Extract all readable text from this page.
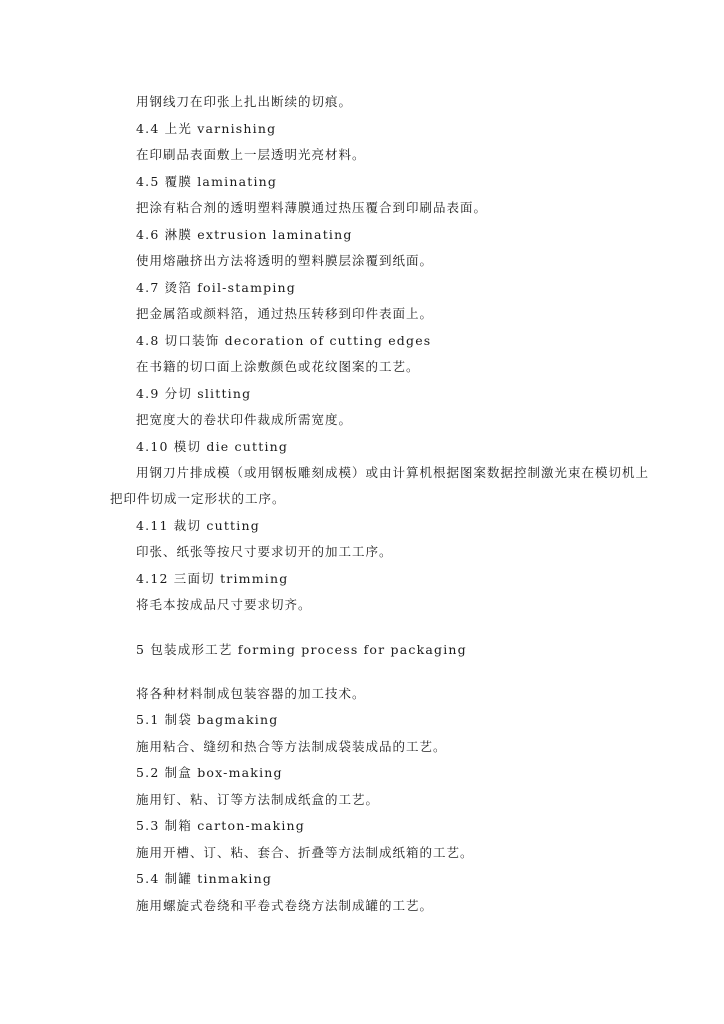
用钢线刀在印张上扎出断续的切痕。
4.4 上光 varnishing
在印刷品表面敷上一层透明光亮材料。
4.5 覆膜 laminating
把涂有粘合剂的透明塑料薄膜通过热压覆合到印刷品表面。
4.6 淋膜 extrusion laminating
使用熔融挤出方法将透明的塑料膜层涂覆到纸面。
4.7 烫箔 foil-stamping
把金属箔或颜料箔，通过热压转移到印件表面上。
4.8 切口装饰 decoration of cutting edges
在书籍的切口面上涂敷颜色或花纹图案的工艺。
4.9 分切 slitting
把宽度大的卷状印件裁成所需宽度。
4.10 模切 die cutting
用钢刀片排成模（或用钢板雕刻成模）或由计算机根据图案数据控制激光束在模切机上
把印件切成一定形状的工序。
4.11 裁切 cutting
印张、纸张等按尺寸要求切开的加工工序。
4.12 三面切 trimming
将毛本按成品尺寸要求切齐。
5 包装成形工艺 forming process for packaging
将各种材料制成包装容器的加工技术。
5.1 制袋 bagmaking
施用粘合、缝纫和热合等方法制成袋装成品的工艺。
5.2 制盒 box-making
施用钉、粘、订等方法制成纸盒的工艺。
5.3 制箱 carton-making
施用开槽、订、粘、套合、折叠等方法制成纸箱的工艺。
5.4 制罐 tinmaking
施用螺旋式卷绕和平卷式卷绕方法制成罐的工艺。
